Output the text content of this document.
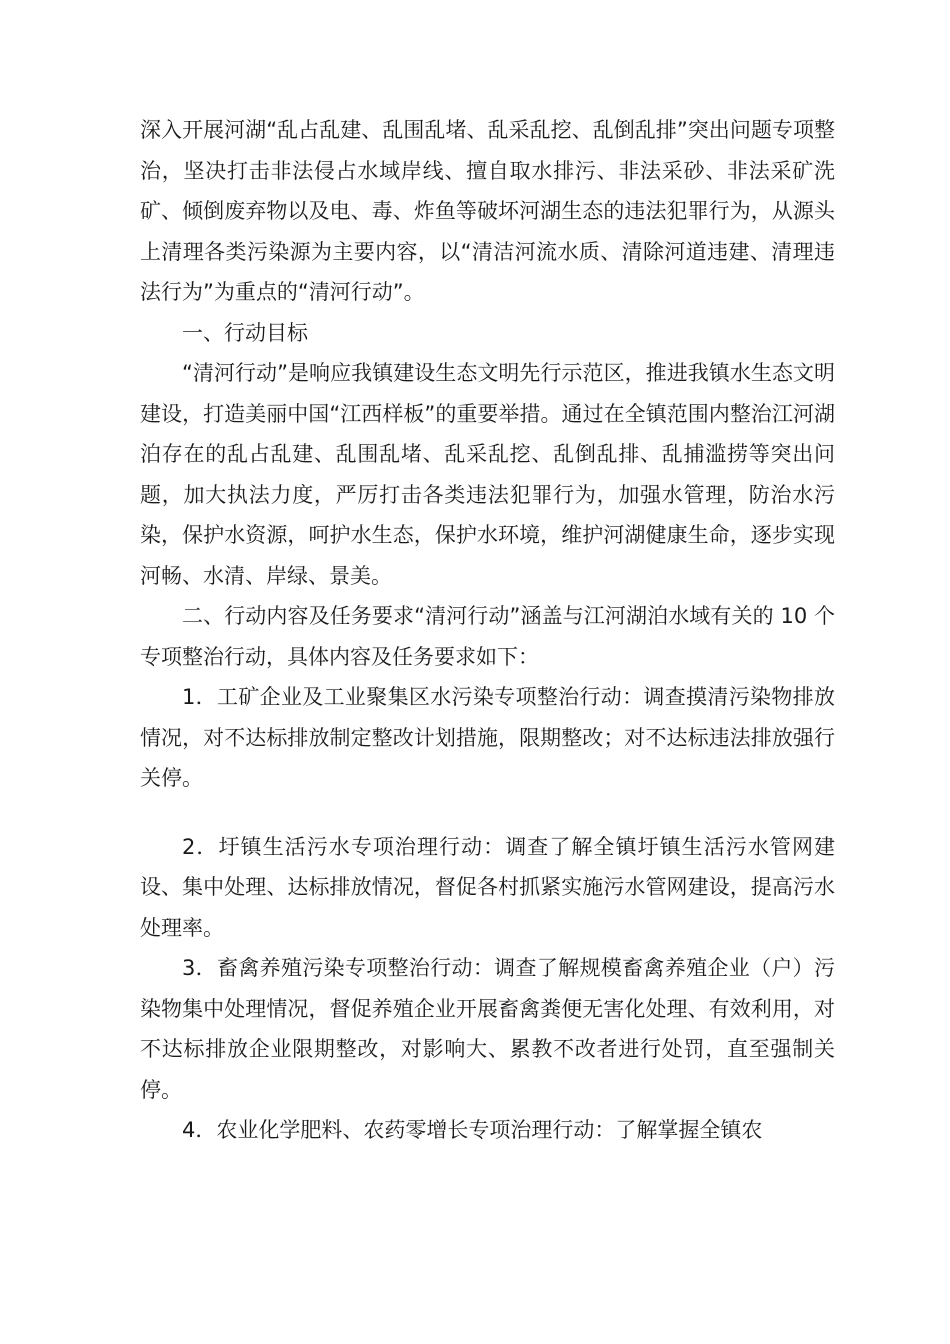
深入开展河湖“乱占乱建、乱围乱堵、乱采乱挖、乱倒乱排”突出问题专项整治，坚决打击非法侵占水域岸线、擅自取水排污、非法采砂、非法采矿洗矿、倾倒废弃物以及电、毒、炸鱼等破坏河湖生态的违法犯罪行为，从源头上清理各类污染源为主要内容，以“清洁河流水质、清除河道违建、清理违法行为”为重点的“清河行动”。

一、行动目标

“清河行动”是响应我镇建设生态文明先行示范区，推进我镇水生态文明建设，打造美丽中国“江西样板”的重要举措。通过在全镇范围内整治江河湖泊存在的乱占乱建、乱围乱堵、乱采乱挖、乱倒乱排、乱捕滥捞等突出问题，加大执法力度，严厉打击各类违法犯罪行为，加强水管理，防治水污染，保护水资源，呵护水生态，保护水环境，维护河湖健康生命，逐步实现河畅、水清、岸绿、景美。

二、行动内容及任务要求“清河行动”涵盖与江河湖泊水域有关的 10 个专项整治行动，具体内容及任务要求如下：

1．工矿企业及工业聚集区水污染专项整治行动：调查摸清污染物排放情况，对不达标排放制定整改计划措施，限期整改；对不达标违法排放强行关停。

2．圩镇生活污水专项治理行动：调查了解全镇圩镇生活污水管网建设、集中处理、达标排放情况，督促各村抓紧实施污水管网建设，提高污水处理率。

3．畜禽养殖污染专项整治行动：调查了解规模畜禽养殖企业（户）污染物集中处理情况，督促养殖企业开展畜禽粪便无害化处理、有效利用，对不达标排放企业限期整改，对影响大、累教不改者进行处罚，直至强制关停。

4．农业化学肥料、农药零增长专项治理行动：了解掌握全镇农
